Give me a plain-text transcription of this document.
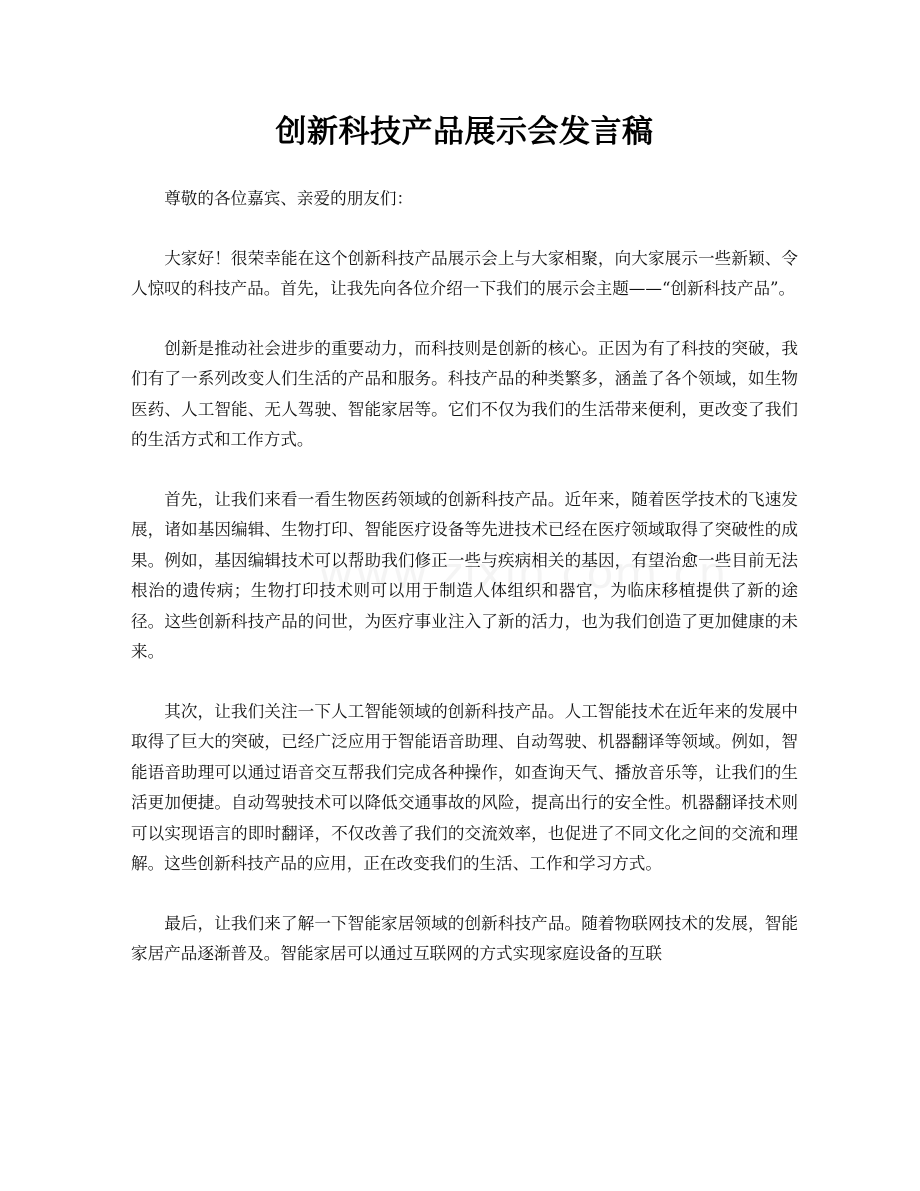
创新科技产品展示会发言稿

尊敬的各位嘉宾、亲爱的朋友们：

大家好！很荣幸能在这个创新科技产品展示会上与大家相聚，向大家展示一些新颖、令人惊叹的科技产品。首先，让我先向各位介绍一下我们的展示会主题——“创新科技产品”。

创新是推动社会进步的重要动力，而科技则是创新的核心。正因为有了科技的突破，我们有了一系列改变人们生活的产品和服务。科技产品的种类繁多，涵盖了各个领域，如生物医药、人工智能、无人驾驶、智能家居等。它们不仅为我们的生活带来便利，更改变了我们的生活方式和工作方式。

首先，让我们来看一看生物医药领域的创新科技产品。近年来，随着医学技术的飞速发展，诸如基因编辑、生物打印、智能医疗设备等先进技术已经在医疗领域取得了突破性的成果。例如，基因编辑技术可以帮助我们修正一些与疾病相关的基因，有望治愈一些目前无法根治的遗传病；生物打印技术则可以用于制造人体组织和器官，为临床移植提供了新的途径。这些创新科技产品的问世，为医疗事业注入了新的活力，也为我们创造了更加健康的未来。

其次，让我们关注一下人工智能领域的创新科技产品。人工智能技术在近年来的发展中取得了巨大的突破，已经广泛应用于智能语音助理、自动驾驶、机器翻译等领域。例如，智能语音助理可以通过语音交互帮我们完成各种操作，如查询天气、播放音乐等，让我们的生活更加便捷。自动驾驶技术可以降低交通事故的风险，提高出行的安全性。机器翻译技术则可以实现语言的即时翻译，不仅改善了我们的交流效率，也促进了不同文化之间的交流和理解。这些创新科技产品的应用，正在改变我们的生活、工作和学习方式。

最后，让我们来了解一下智能家居领域的创新科技产品。随着物联网技术的发展，智能家居产品逐渐普及。智能家居可以通过互联网的方式实现家庭设备的互联
